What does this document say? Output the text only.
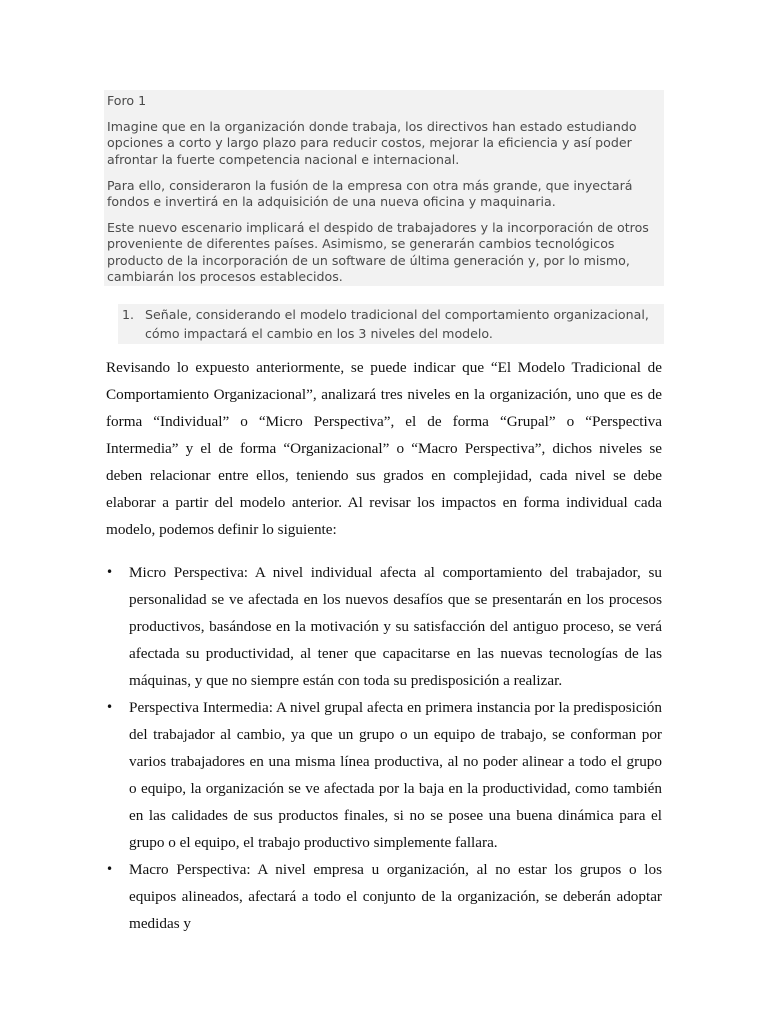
Foro 1

Imagine que en la organización donde trabaja, los directivos han estado estudiando opciones a corto y largo plazo para reducir costos, mejorar la eficiencia y así poder afrontar la fuerte competencia nacional e internacional.

Para ello, consideraron la fusión de la empresa con otra más grande, que inyectará fondos e invertirá en la adquisición de una nueva oficina y maquinaria.

Este nuevo escenario implicará el despido de trabajadores y la incorporación de otros proveniente de diferentes países. Asimismo, se generarán cambios tecnológicos producto de la incorporación de un software de última generación y, por lo mismo, cambiarán los procesos establecidos.

1. Señale, considerando el modelo tradicional del comportamiento organizacional, cómo impactará el cambio en los 3 niveles del modelo.

Revisando lo expuesto anteriormente, se puede indicar que “El Modelo Tradicional de Comportamiento Organizacional”, analizará tres niveles en la organización, uno que es de forma “Individual” o “Micro Perspectiva”, el de forma “Grupal” o “Perspectiva Intermedia” y el de forma “Organizacional” o “Macro Perspectiva”, dichos niveles se deben relacionar entre ellos, teniendo sus grados en complejidad, cada nivel se debe elaborar a partir del modelo anterior. Al revisar los impactos en forma individual cada modelo, podemos definir lo siguiente:

• Micro Perspectiva: A nivel individual afecta al comportamiento del trabajador, su personalidad se ve afectada en los nuevos desafíos que se presentarán en los procesos productivos, basándose en la motivación y su satisfacción del antiguo proceso, se verá afectada su productividad, al tener que capacitarse en las nuevas tecnologías de las máquinas, y que no siempre están con toda su predisposición a realizar.
• Perspectiva Intermedia: A nivel grupal afecta en primera instancia por la predisposición del trabajador al cambio, ya que un grupo o un equipo de trabajo, se conforman por varios trabajadores en una misma línea productiva, al no poder alinear a todo el grupo o equipo, la organización se ve afectada por la baja en la productividad, como también en las calidades de sus productos finales, si no se posee una buena dinámica para el grupo o el equipo, el trabajo productivo simplemente fallara.
• Macro Perspectiva: A nivel empresa u organización, al no estar los grupos o los equipos alineados, afectará a todo el conjunto de la organización, se deberán adoptar medidas y
